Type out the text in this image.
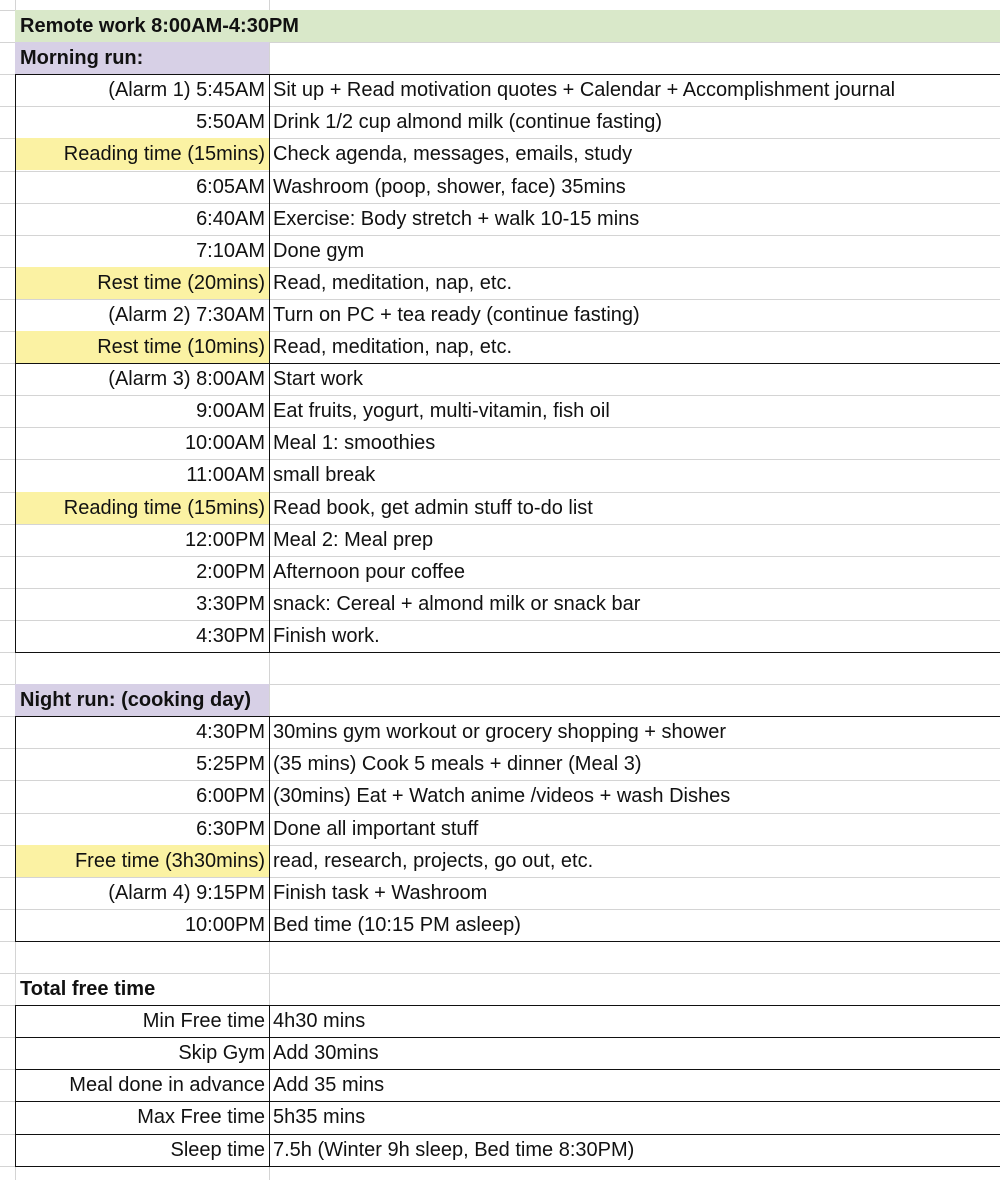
Remote work 8:00AM-4:30PM
Morning run:
(Alarm 1) 5:45AM Sit up + Read motivation quotes + Calendar + Accomplishment journal
5:50AM Drink 1/2 cup almond milk (continue fasting)
Reading time (15mins) Check agenda, messages, emails, study
6:05AM Washroom (poop, shower, face) 35mins
6:40AM Exercise: Body stretch + walk 10-15 mins
7:10AM Done gym
Rest time (20mins) Read, meditation, nap, etc.
(Alarm 2) 7:30AM Turn on PC + tea ready (continue fasting)
Rest time (10mins) Read, meditation, nap, etc.
(Alarm 3) 8:00AM Start work
9:00AM Eat fruits, yogurt, multi-vitamin, fish oil
10:00AM Meal 1: smoothies
11:00AM small break
Reading time (15mins) Read book, get admin stuff to-do list
12:00PM Meal 2: Meal prep
2:00PM Afternoon pour coffee
3:30PM snack: Cereal + almond milk or snack bar
4:30PM Finish work.
Night run: (cooking day)
4:30PM 30mins gym workout or grocery shopping + shower
5:25PM (35 mins) Cook 5 meals + dinner (Meal 3)
6:00PM (30mins) Eat + Watch anime /videos + wash Dishes
6:30PM Done all important stuff
Free time (3h30mins) read, research, projects, go out, etc.
(Alarm 4) 9:15PM Finish task + Washroom
10:00PM Bed time (10:15 PM asleep)
Total free time
Min Free time 4h30 mins
Skip Gym Add 30mins
Meal done in advance Add 35 mins
Max Free time 5h35 mins
Sleep time 7.5h (Winter 9h sleep, Bed time 8:30PM)
